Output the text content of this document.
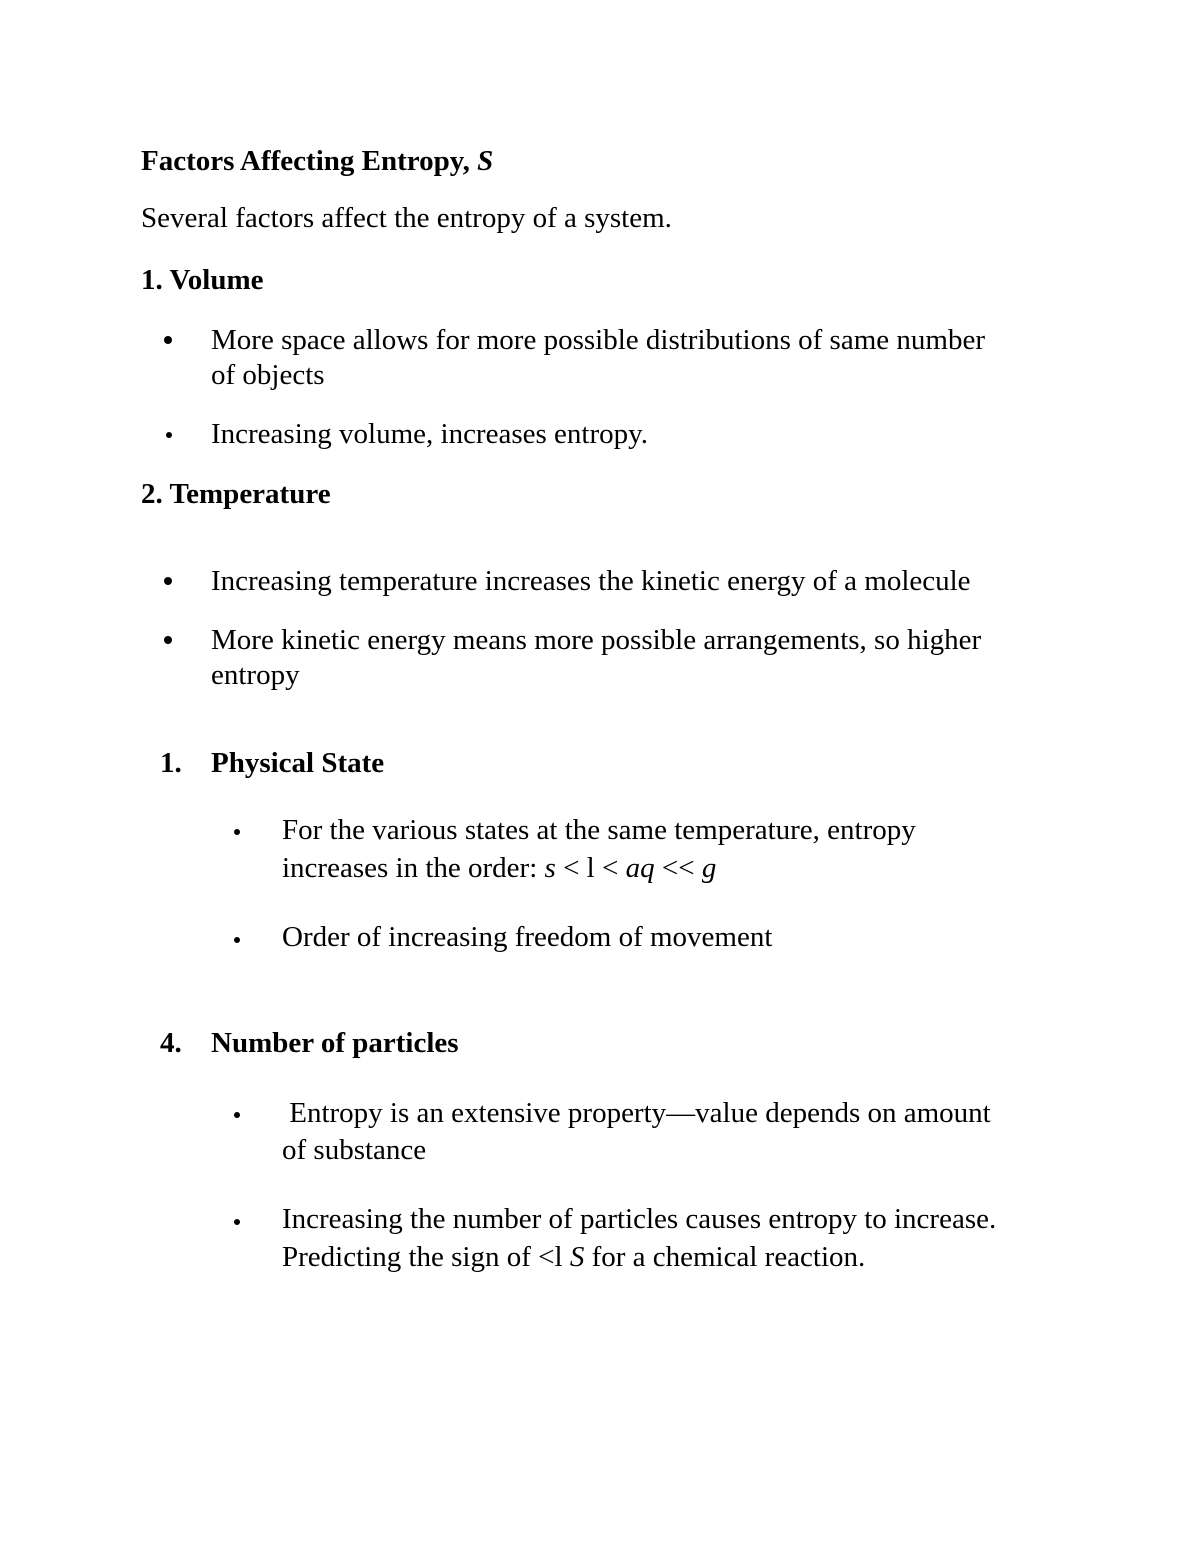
Factors Affecting Entropy, S
Several factors affect the entropy of a system.
1. Volume
More space allows for more possible distributions of same number
of objects
Increasing volume, increases entropy.
2. Temperature
Increasing temperature increases the kinetic energy of a molecule
More kinetic energy means more possible arrangements, so higher
entropy
1. Physical State
For the various states at the same temperature, entropy
increases in the order: s < l < aq << g
Order of increasing freedom of movement
4. Number of particles
Entropy is an extensive property—value depends on amount
of substance
Increasing the number of particles causes entropy to increase.
Predicting the sign of <l S for a chemical reaction.
